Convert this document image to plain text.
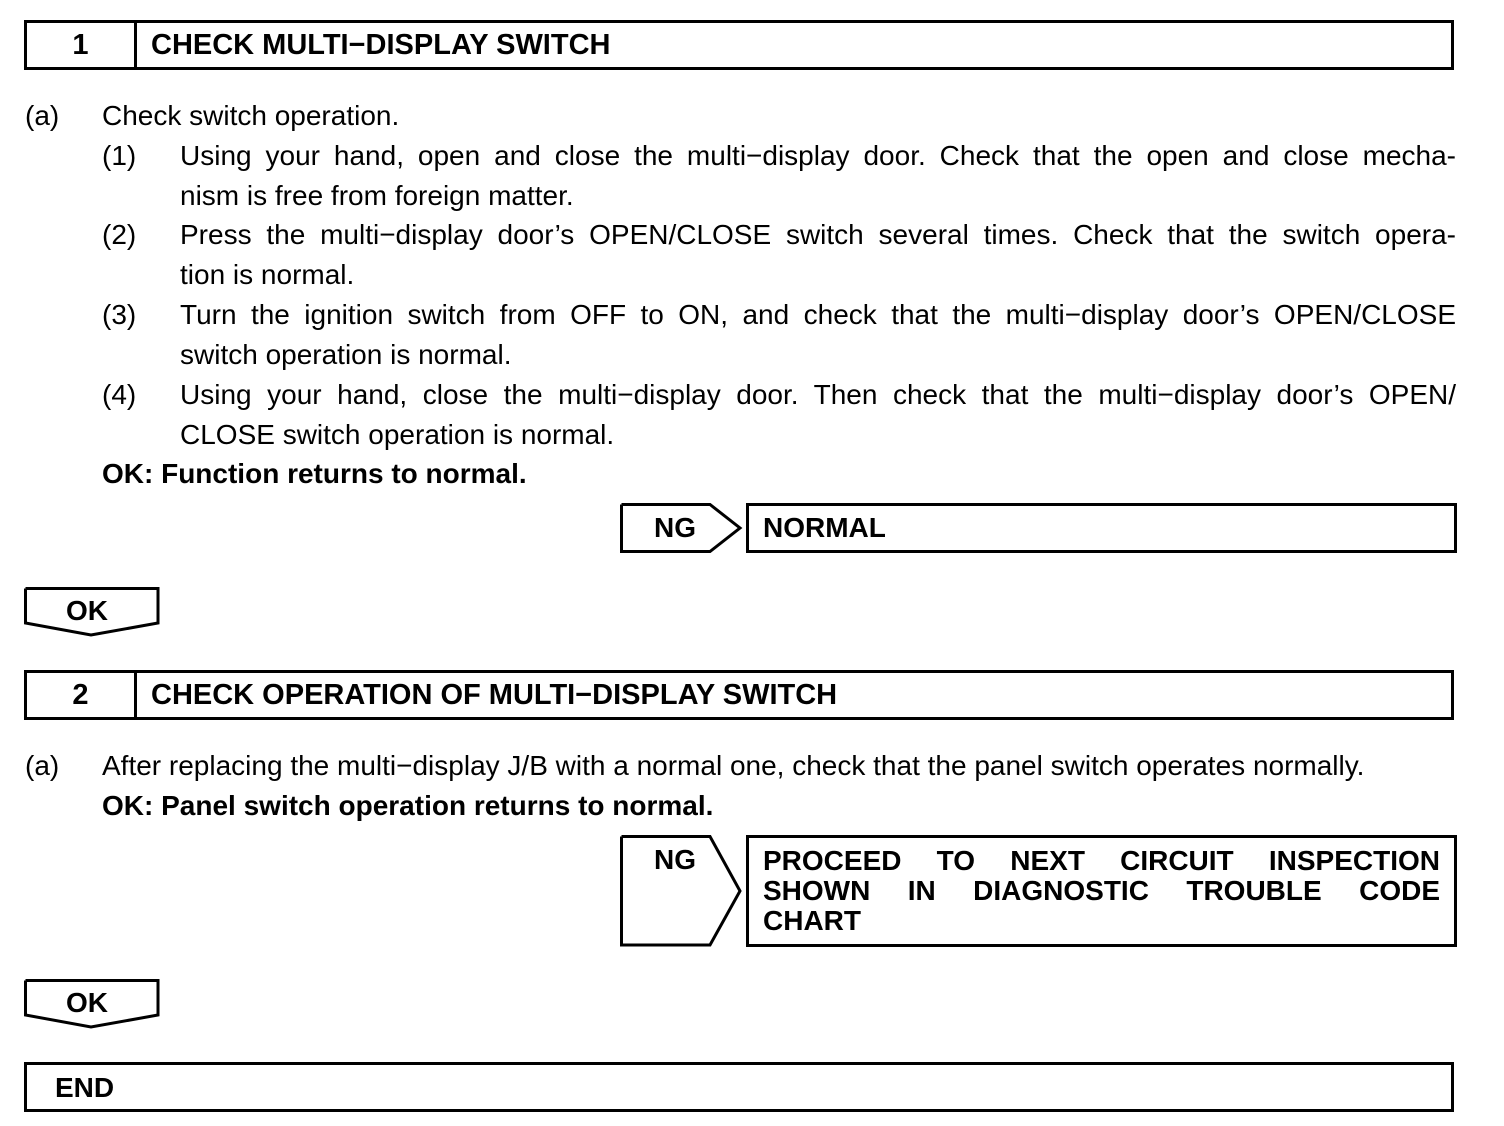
1	CHECK MULTI−DISPLAY SWITCH
(a) Check switch operation.
(1) Using your hand, open and close the multi−display door. Check that the open and close mecha-
nism is free from foreign matter.
(2) Press the multi−display door’s OPEN/CLOSE switch several times. Check that the switch opera-
tion is normal.
(3) Turn the ignition switch from OFF to ON, and check that the multi−display door’s OPEN/CLOSE
switch operation is normal.
(4) Using your hand, close the multi−display door. Then check that the multi−display door’s OPEN/
CLOSE switch operation is normal.
OK: Function returns to normal.
NG	NORMAL
OK
2	CHECK OPERATION OF MULTI−DISPLAY SWITCH
(a) After replacing the multi−display J/B with a normal one, check that the panel switch operates normally.
OK: Panel switch operation returns to normal.
NG PROCEED TO NEXT CIRCUIT INSPECTION
SHOWN IN DIAGNOSTIC TROUBLE CODE
CHART
OK
END
